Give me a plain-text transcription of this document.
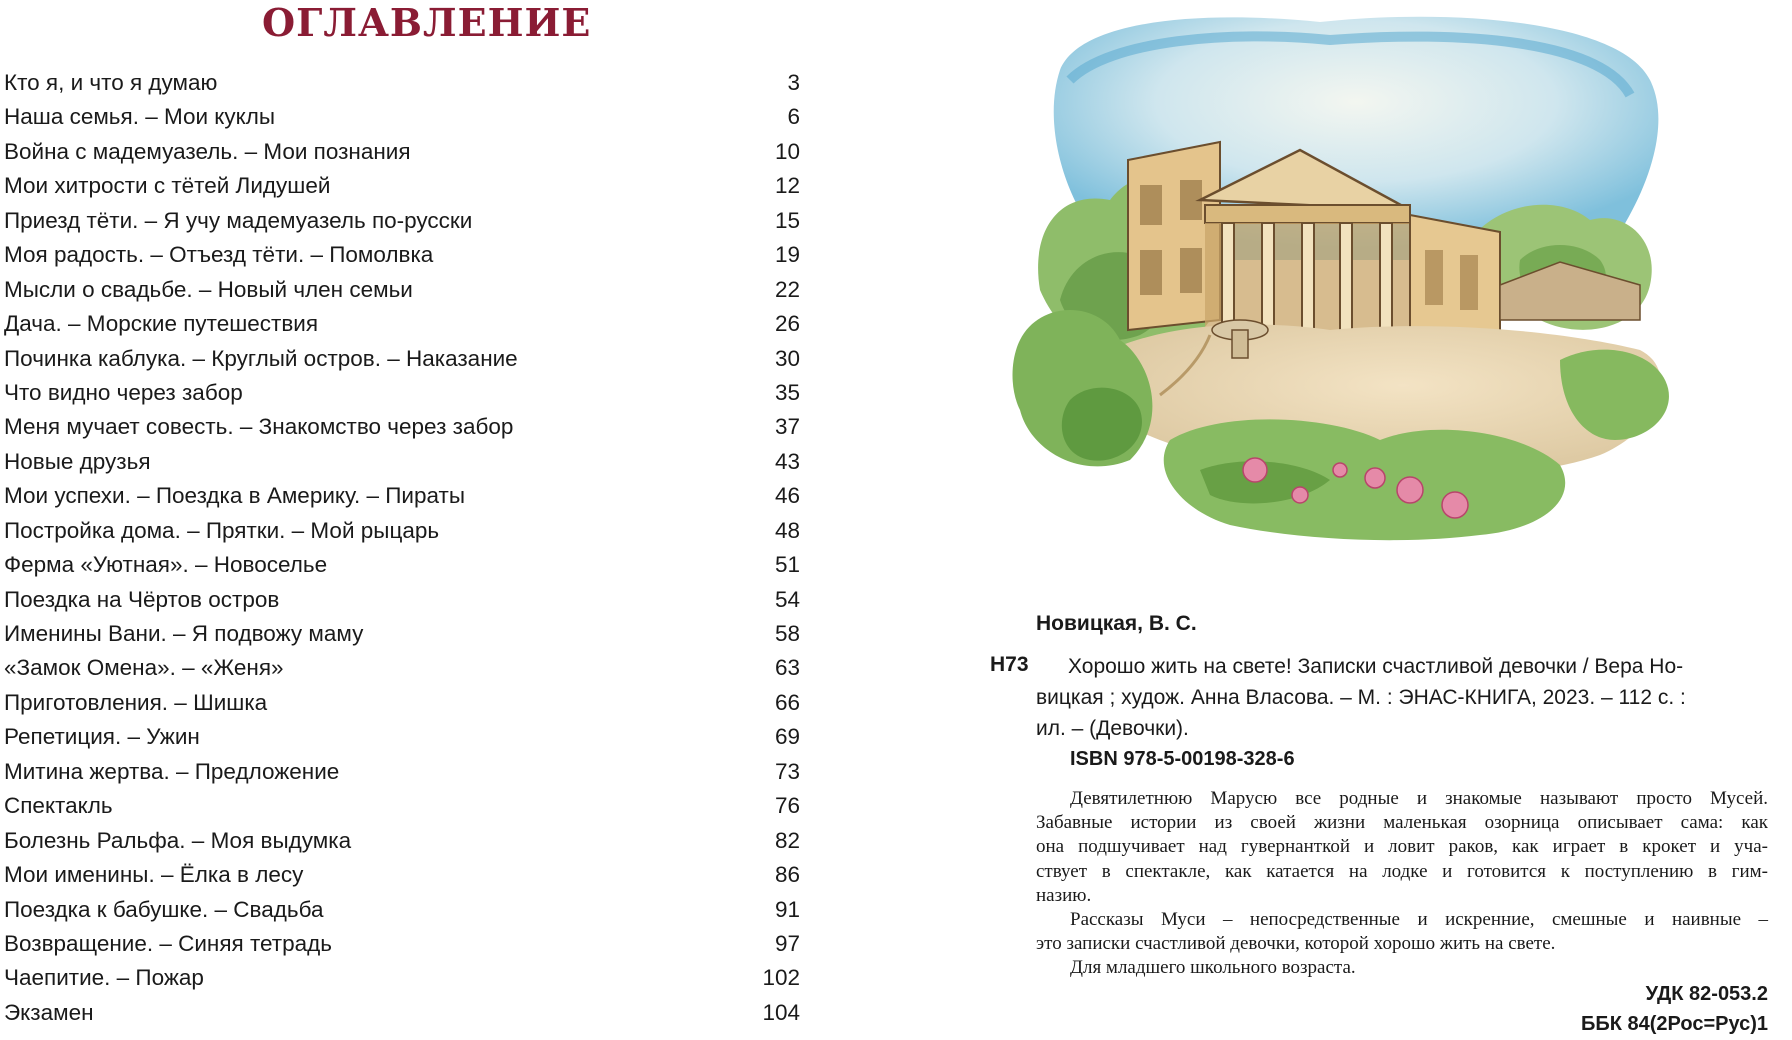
ОГЛАВЛЕНИЕ
Кто я, и что я думаю	3
Наша семья. – Мои куклы	6
Война с мадемуазель. – Мои познания	10
Мои хитрости с тётей Лидушей	12
Приезд тёти. – Я учу мадемуазель по-русски	15
Моя радость. – Отъезд тёти. – Помолвка	19
Мысли о свадьбе. – Новый член семьи	22
Дача. – Морские путешествия	26
Починка каблука. – Круглый остров. – Наказание	30
Что видно через забор	35
Меня мучает совесть. – Знакомство через забор	37
Новые друзья	43
Мои успехи. – Поездка в Америку. – Пираты	46
Постройка дома. – Прятки. – Мой рыцарь	48
Ферма «Уютная». – Новоселье	51
Поездка на Чёртов остров	54
Именины Вани. – Я подвожу маму	58
«Замок Омена». – «Женя»	63
Приготовления. – Шишка	66
Репетиция. – Ужин	69
Митина жертва. – Предложение	73
Спектакль	76
Болезнь Ральфа. – Моя выдумка	82
Мои именины. – Ёлка в лесу	86
Поездка к бабушке. – Свадьба	91
Возвращение. – Синяя тетрадь	97
Чаепитие. – Пожар	102
Экзамен	104
Новицкая, В. С.
Н73	Хорошо жить на свете! Записки счастливой девочки / Вера Но-
вицкая ; худож. Анна Власова. – М. : ЭНАС-КНИГА, 2023. – 112 с. :
ил. – (Девочки).
ISBN 978-5-00198-328-6
Девятилетнюю Марусю все родные и знакомые называют просто Мусей.
Забавные истории из своей жизни маленькая озорница описывает сама: как
она подшучивает над гувернанткой и ловит раков, как играет в крокет и уча-
ствует в спектакле, как катается на лодке и готовится к поступлению в гим-
назию.
Рассказы Муси – непосредственные и искренние, смешные и наивные –
это записки счастливой девочки, которой хорошо жить на свете.
Для младшего школьного возраста.
УДК 82-053.2
ББК 84(2Рос=Рус)1
